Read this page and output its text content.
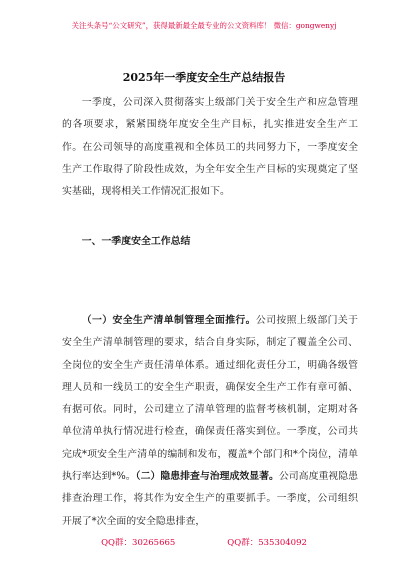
关注头条号“公文研究”，获得最新最全最专业的公文资料库！ 微信：gongwenyj
2025年一季度安全生产总结报告

一季度，公司深入贯彻落实上级部门关于安全生产和应急管理的各项要求，紧紧围绕年度安全生产目标，扎实推进安全生产工作。在公司领导的高度重视和全体员工的共同努力下，一季度安全生产工作取得了阶段性成效，为全年安全生产目标的实现奠定了坚实基础，现将相关工作情况汇报如下。

一、一季度安全工作总结

（一）安全生产清单制管理全面推行。公司按照上级部门关于安全生产清单制管理的要求，结合自身实际，制定了覆盖全公司、全岗位的安全生产责任清单体系。通过细化责任分工，明确各级管理人员和一线员工的安全生产职责，确保安全生产工作有章可循、有据可依。同时，公司建立了清单管理的监督考核机制，定期对各单位清单执行情况进行检查，确保责任落实到位。一季度，公司共完成*项安全生产清单的编制和发布，覆盖*个部门和*个岗位，清单执行率达到*%。（二）隐患排查与治理成效显著。公司高度重视隐患排查治理工作，将其作为安全生产的重要抓手。一季度，公司组织开展了*次全面的安全隐患排查，

QQ群：30265665	QQ群：535304092
